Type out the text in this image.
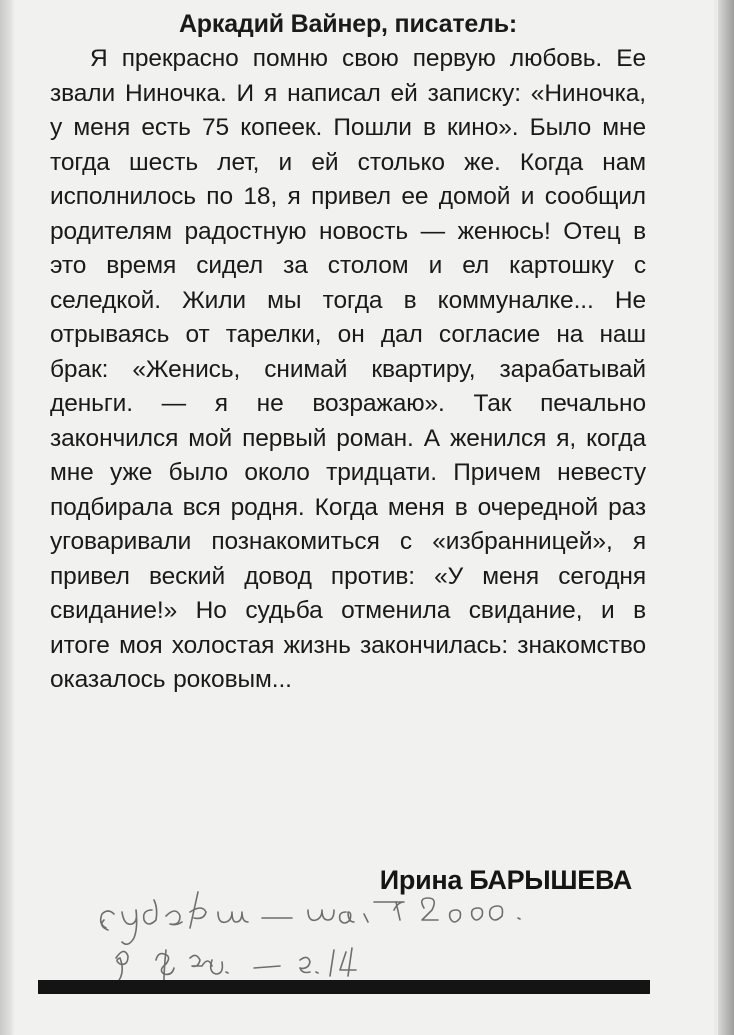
Аркадий Вайнер, писатель:

Я прекрасно помню свою первую любовь. Ее звали Ниночка. И я написал ей записку: «Ниночка, у меня есть 75 копеек. Пошли в кино». Было мне тогда шесть лет, и ей столько же. Когда нам исполнилось по 18, я привел ее домой и сообщил родителям радостную новость — женюсь! Отец в это время сидел за столом и ел картошку с селедкой. Жили мы тогда в коммуналке... Не отрываясь от тарелки, он дал согласие на наш брак: «Женись, снимай квартиру, зарабатывай деньги. — я не возражаю». Так печально закончился мой первый роман. А женился я, когда мне уже было около тридцати. Причем невесту подбирала вся родня. Когда меня в очередной раз уговаривали познакомиться с «избранницей», я привел веский довод против: «У меня сегодня свидание!» Но судьба отменила свидание, и в итоге моя холостая жизнь закончилась: знакомство оказалось роковым...

Ирина БАРЫШЕВА
Сударушка 2000.
9 февр. — с.14
